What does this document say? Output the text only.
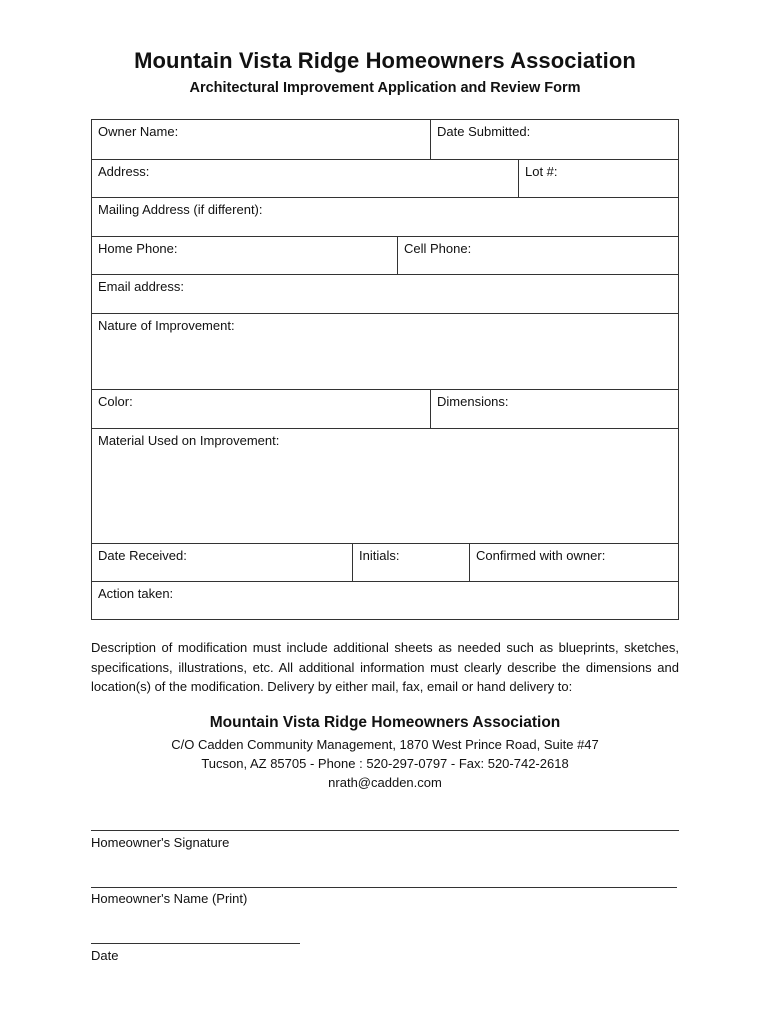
Mountain Vista Ridge Homeowners Association
Architectural Improvement Application and Review Form
Owner Name:	Date Submitted:
Address:	Lot #:
Mailing Address (if different):
Home Phone:	Cell Phone:
Email address:
Nature of Improvement:
Color:	Dimensions:
Material Used on Improvement:
Date Received:	Initials:	Confirmed with owner:
Action taken:
Description of modification must include additional sheets as needed such as blueprints, sketches, specifications, illustrations, etc. All additional information must clearly describe the dimensions and location(s) of the modification. Delivery by either mail, fax, email or hand delivery to:
Mountain Vista Ridge Homeowners Association
C/O Cadden Community Management, 1870 West Prince Road, Suite #47
Tucson, AZ 85705 - Phone : 520-297-0797 - Fax: 520-742-2618
nrath@cadden.com
Homeowner's Signature
Homeowner's Name (Print)
Date
